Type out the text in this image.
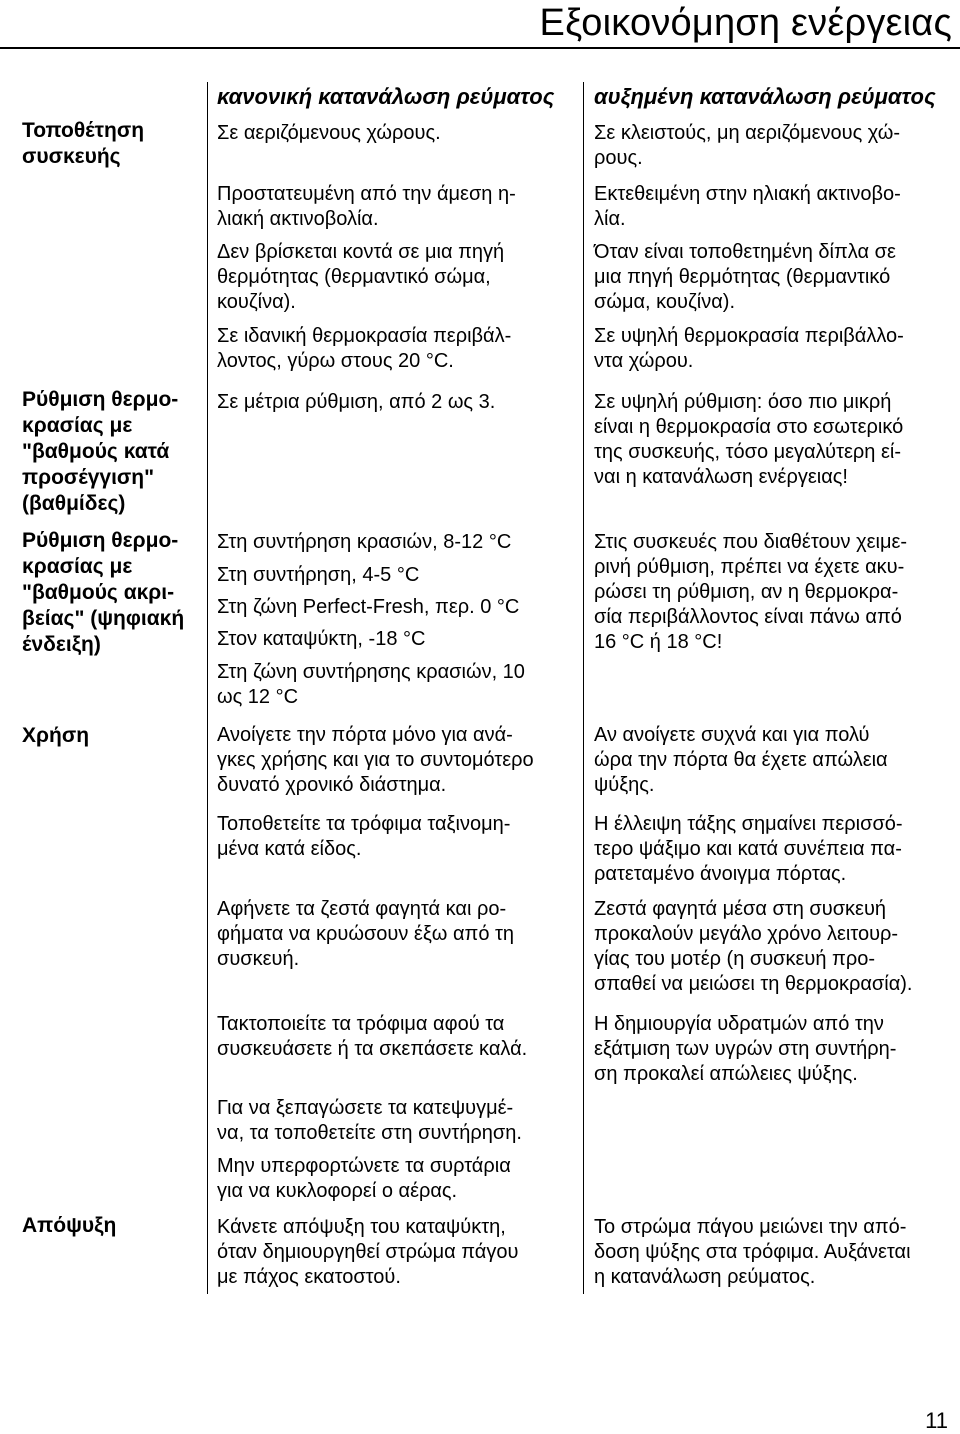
Εξοικονόμηση ενέργειας
κανονική κατανάλωση ρεύματος αυξημένη κατανάλωση ρεύματος
Τοποθέτηση
συσκευής
Ρύθμιση θερμο-
κρασίας με
"βαθμούς κατά
προσέγγιση"
(βαθμίδες)
Ρύθμιση θερμο-
κρασίας με
"βαθμούς ακρι-
βείας" (ψηφιακή
ένδειξη)
Χρήση
Απόψυξη
Σε αεριζόμενους χώρους.
Προστατευμένη από την άμεση η-
λιακή ακτινοβολία.
Δεν βρίσκεται κοντά σε μια πηγή
θερμότητας (θερμαντικό σώμα,
κουζίνα).
Σε ιδανική θερμοκρασία περιβάλ-
λοντος, γύρω στους 20 °C.
Σε κλειστούς, μη αεριζόμενους χώ-
ρους.
Εκτεθειμένη στην ηλιακή ακτινοβο-
λία.
Όταν είναι τοποθετημένη δίπλα σε
μια πηγή θερμότητας (θερμαντικό
σώμα, κουζίνα).
Σε υψηλή θερμοκρασία περιβάλλο-
ντα χώρου.
Σε μέτρια ρύθμιση, από 2 ως 3.	Σε υψηλή ρύθμιση: όσο πιο μικρή
είναι η θερμοκρασία στο εσωτερικό
της συσκευής, τόσο μεγαλύτερη εί-
ναι η κατανάλωση ενέργειας!
Στη συντήρηση κρασιών, 8-12 °C
Στη συντήρηση, 4-5 °C
Στη ζώνη Perfect-Fresh, περ. 0 °C
Στον καταψύκτη, -18 °C
Στη ζώνη συντήρησης κρασιών, 10
ως 12 °C
Στις συσκευές που διαθέτουν χειμε-
ρινή ρύθμιση, πρέπει να έχετε ακυ-
ρώσει τη ρύθμιση, αν η θερμοκρα-
σία περιβάλλοντος είναι πάνω από
16 °C ή 18 °C!
Ανοίγετε την πόρτα μόνο για ανά-
γκες χρήσης και για το συντομότερο
δυνατό χρονικό διάστημα.
Τοποθετείτε τα τρόφιμα ταξινομη-
μένα κατά είδος.
Αφήνετε τα ζεστά φαγητά και ρο-
φήματα να κρυώσουν έξω από τη
συσκευή.
Τακτοποιείτε τα τρόφιμα αφού τα
συσκευάσετε ή τα σκεπάσετε καλά.
Για να ξεπαγώσετε τα κατεψυγμέ-
να, τα τοποθετείτε στη συντήρηση.
Μην υπερφορτώνετε τα συρτάρια
για να κυκλοφορεί ο αέρας.
Αν ανοίγετε συχνά και για πολύ
ώρα την πόρτα θα έχετε απώλεια
ψύξης.
Η έλλειψη τάξης σημαίνει περισσό-
τερο ψάξιμο και κατά συνέπεια πα-
ρατεταμένο άνοιγμα πόρτας.
Ζεστά φαγητά μέσα στη συσκευή
προκαλούν μεγάλο χρόνο λειτουρ-
γίας του μοτέρ (η συσκευή προ-
σπαθεί να μειώσει τη θερμοκρασία).
Η δημιουργία υδρατμών από την
εξάτμιση των υγρών στη συντήρη-
ση προκαλεί απώλειες ψύξης.
Κάνετε απόψυξη του καταψύκτη,
όταν δημιουργηθεί στρώμα πάγου
με πάχος εκατοστού.
Το στρώμα πάγου μειώνει την από-
δοση ψύξης στα τρόφιμα. Αυξάνεται
η κατανάλωση ρεύματος.
11
